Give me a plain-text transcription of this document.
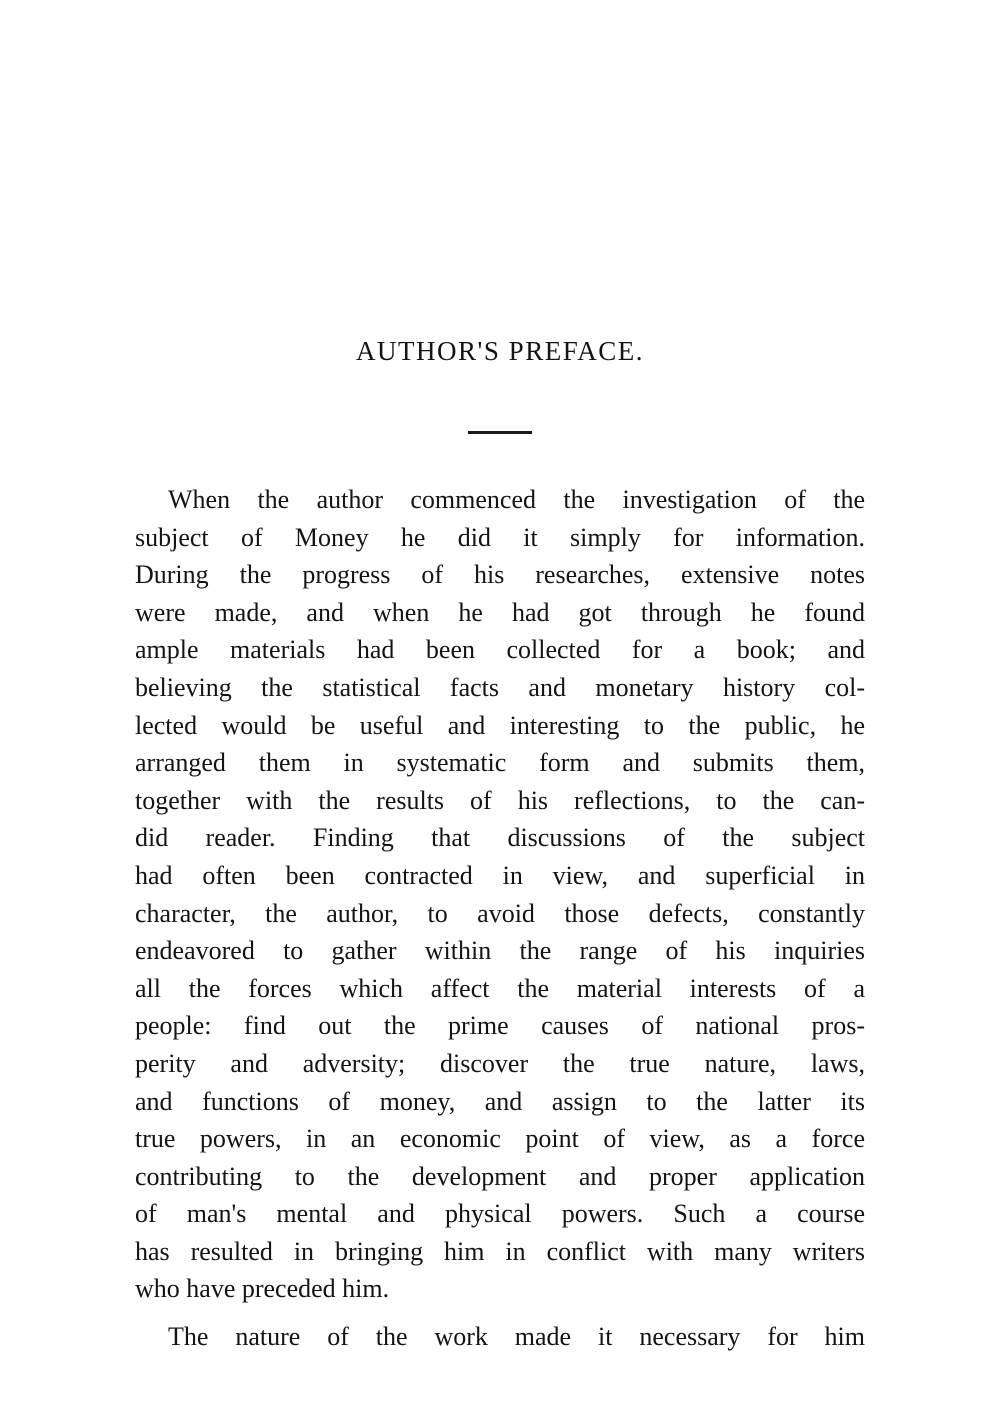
AUTHOR'S PREFACE.
When the author commenced the investigation of the
subject of Money he did it simply for information.
During the progress of his researches, extensive notes
were made, and when he had got through he found
ample materials had been collected for a book; and
believing the statistical facts and monetary history col-
lected would be useful and interesting to the public, he
arranged them in systematic form and submits them,
together with the results of his reflections, to the can-
did reader. Finding that discussions of the subject
had often been contracted in view, and superficial in
character, the author, to avoid those defects, constantly
endeavored to gather within the range of his inquiries
all the forces which affect the material interests of a
people: find out the prime causes of national pros-
perity and adversity; discover the true nature, laws,
and functions of money, and assign to the latter its
true powers, in an economic point of view, as a force
contributing to the development and proper application
of man's mental and physical powers. Such a course
has resulted in bringing him in conflict with many writers
who have preceded him.
The nature of the work made it necessary for him
